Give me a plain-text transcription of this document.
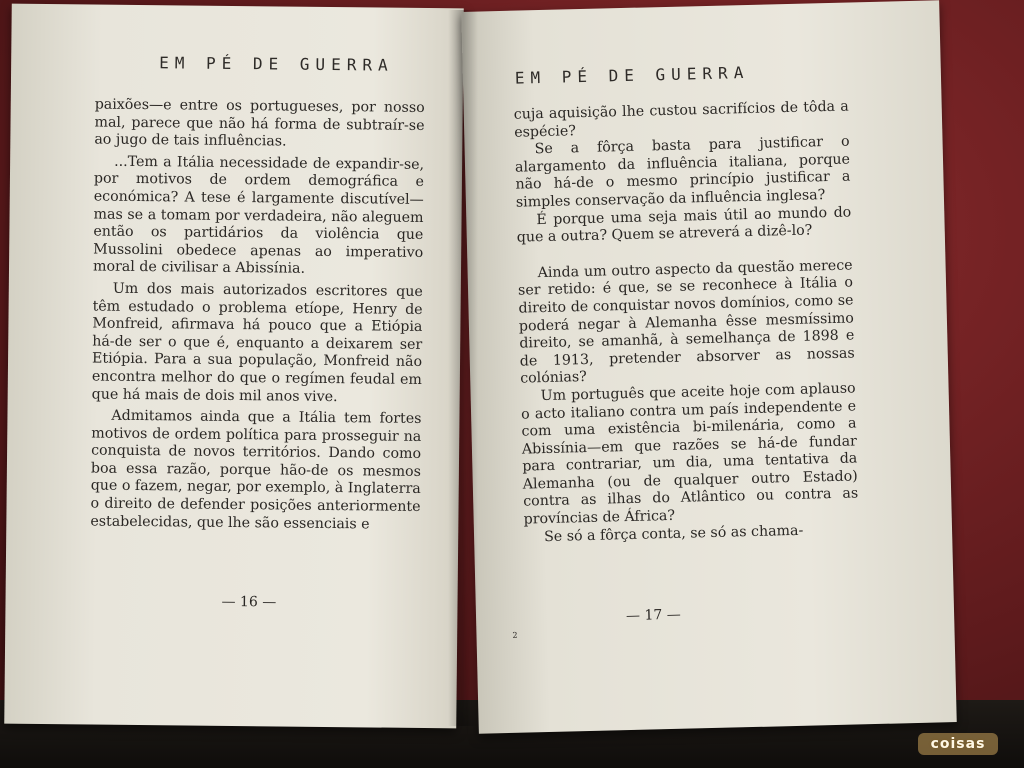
EM PÉ DE GUERRA

paixões—e entre os portugueses, por nosso mal, parece que não há forma de subtraír-se ao jugo de tais influências.

...Tem a Itália necessidade de expandir-se, por motivos de ordem demográfica e económica? A tese é largamente discutível—mas se a tomam por verdadeira, não aleguem então os partidários da violência que Mussolini obedece apenas ao imperativo moral de civilisar a Abissínia.

Um dos mais autorizados escritores que têm estudado o problema etíope, Henry de Monfreid, afirmava há pouco que a Etiópia há-de ser o que é, enquanto a deixarem ser Etiópia. Para a sua população, Monfreid não encontra melhor do que o regímen feudal em que há mais de dois mil anos vive.

Admitamos ainda que a Itália tem fortes motivos de ordem política para prosseguir na conquista de novos territórios. Dando como boa essa razão, porque hão-de os mesmos que o fazem, negar, por exemplo, à Inglaterra o direito de defender posições anteriormente estabelecidas, que lhe são essenciais e

— 16 —
EM PÉ DE GUERRA

cuja aquisição lhe custou sacrifícios de tôda a espécie?

Se a fôrça basta para justificar o alargamento da influência italiana, porque não há-de o mesmo princípio justificar a simples conservação da influência inglesa?

É porque uma seja mais útil ao mundo do que a outra? Quem se atreverá a dizê-lo?

Ainda um outro aspecto da questão merece ser retido: é que, se se reconhece à Itália o direito de conquistar novos domínios, como se poderá negar à Alemanha êsse mesmíssimo direito, se amanhã, à semelhança de 1898 e de 1913, pretender absorver as nossas colónias?

Um português que aceite hoje com aplauso o acto italiano contra um país independente e com uma existência bi-milenária, como a Abissínia—em que razões se há-de fundar para contrariar, um dia, uma tentativa da Alemanha (ou de qualquer outro Estado) contra as ilhas do Atlântico ou contra as províncias de África?

Se só a fôrça conta, se só as chama-

— 17 —
2
coisas
